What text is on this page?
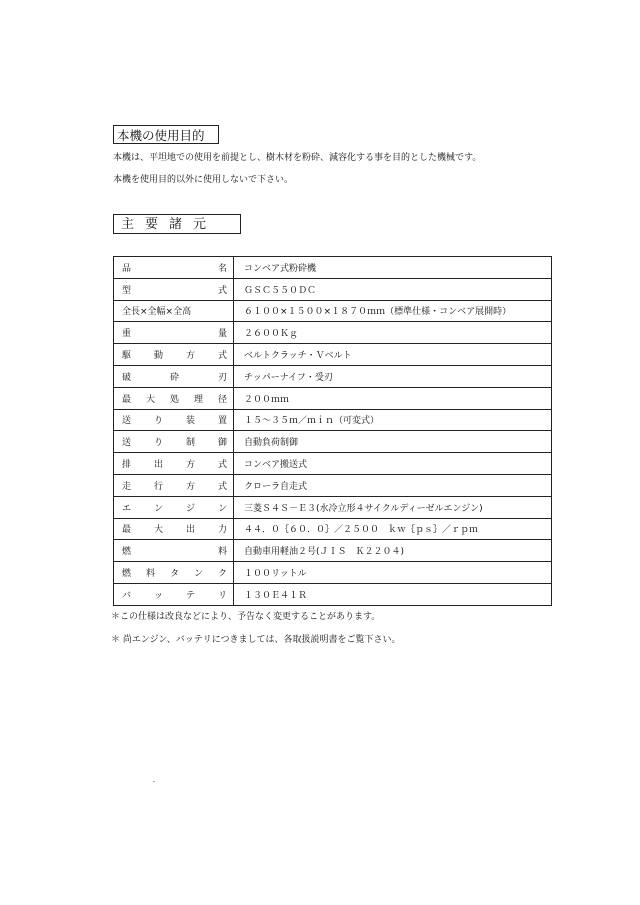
本機の使用目的
本機は、平坦地での使用を前提とし、樹木材を粉砕、減容化する事を目的とした機械です。
本機を使用目的以外に使用しないで下さい。
主要諸元
品 名	コンベア式粉砕機

型 式	ＧＳＣ５５０ＤＣ

全長×全幅×全高	６１００×１５００×１８７０ｍｍ（標準仕様・コンベア展開時）

重 量	２６００Ｋｇ

駆 動 方 式	ベルトクラッチ・Ｖベルト

破 砕 刃	チッパーナイフ・受刃

最 大 処 理 径	２００ｍｍ

送 り 装 置	１５～３５ｍ／ｍｉｎ（可変式）

送 り 制 御	自動負荷制御

排 出 方 式	コンベア搬送式

走 行 方 式	クローラ自走式

エ ン ジ ン	三菱Ｓ４Ｓ－Ｅ３(水冷立形４サイクルディーゼルエンジン)

最 大 出 力	４４．０｛６０．０｝／２５００　ｋｗ｛ｐｓ｝／ｒｐｍ

燃 料	自動車用軽油２号(ＪＩＳ　Ｋ２２０４)

燃 料 タ ン ク	１００リットル

バ ッ テ リ	１３０Ｅ４１Ｒ
＊この仕様は改良などにより、予告なく変更することがあります。
＊ 尚エンジン、バッテリにつきましては、各取扱説明書をご覧下さい。
